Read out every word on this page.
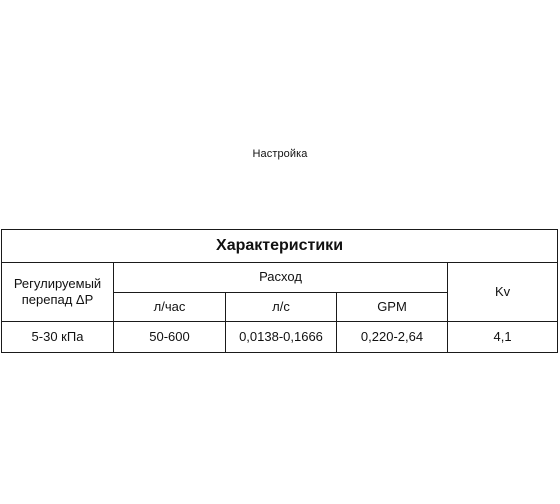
Настройка
Характеристики				
Регулируемый перепад ΔP	Расход			Kv
	л/час	л/с	GPM	
5-30 кПа	50-600	0,0138-0,1666	0,220-2,64	4,1
